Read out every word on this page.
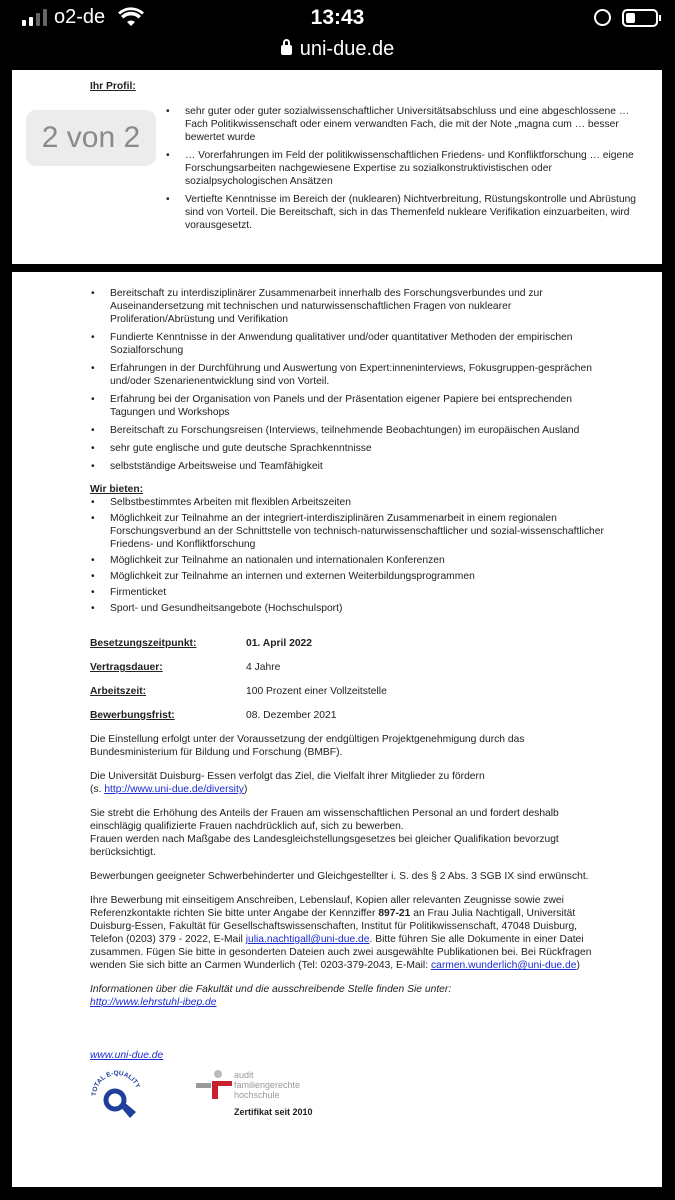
o2-de	13:43
uni-due.de
Ihr Profil:
• sehr guter oder guter sozialwissenschaftlicher Universitätsabschluss und eine abgeschlossene … Fach Politikwissenschaft oder einem verwandten Fach, die mit der Note „magna cum … besser bewertet wurde
• … Vorerfahrungen im Feld der politikwissenschaftlichen Friedens- und Konfliktforschung … eigene Forschungsarbeiten nachgewiesene Expertise zu sozialkonstruktivistischen oder sozialpsychologischen Ansätzen
• Vertiefte Kenntnisse im Bereich der (nuklearen) Nichtverbreitung, Rüstungskontrolle und Abrüstung sind von Vorteil. Die Bereitschaft, sich in das Themenfeld nukleare Verifikation einzuarbeiten, wird vorausgesetzt.
2 von 2
• Bereitschaft zu interdisziplinärer Zusammenarbeit innerhalb des Forschungsverbundes und zur Auseinandersetzung mit technischen und naturwissenschaftlichen Fragen von nuklearer Proliferation/Abrüstung und Verifikation
• Fundierte Kenntnisse in der Anwendung qualitativer und/oder quantitativer Methoden der empirischen Sozialforschung
• Erfahrungen in der Durchführung und Auswertung von Expert:inneninterviews, Fokusgruppen-gesprächen und/oder Szenarienentwicklung sind von Vorteil.
• Erfahrung bei der Organisation von Panels und der Präsentation eigener Papiere bei entsprechenden Tagungen und Workshops
• Bereitschaft zu Forschungsreisen (Interviews, teilnehmende Beobachtungen) im europäischen Ausland
• sehr gute englische und gute deutsche Sprachkenntnisse
• selbstständige Arbeitsweise und Teamfähigkeit
Wir bieten:
• Selbstbestimmtes Arbeiten mit flexiblen Arbeitszeiten
• Möglichkeit zur Teilnahme an der integriert-interdisziplinären Zusammenarbeit in einem regionalen Forschungsverbund an der Schnittstelle von technisch-naturwissenschaftlicher und sozial-wissenschaftlicher Friedens- und Konfliktforschung
• Möglichkeit zur Teilnahme an nationalen und internationalen Konferenzen
• Möglichkeit zur Teilnahme an internen und externen Weiterbildungsprogrammen
• Firmenticket
• Sport- und Gesundheitsangebote (Hochschulsport)
Besetzungszeitpunkt:	01. April 2022
Vertragsdauer:	4 Jahre
Arbeitszeit:	100 Prozent einer Vollzeitstelle
Bewerbungsfrist:	08. Dezember 2021

Die Einstellung erfolgt unter der Voraussetzung der endgültigen Projektgenehmigung durch das Bundesministerium für Bildung und Forschung (BMBF).

Die Universität Duisburg- Essen verfolgt das Ziel, die Vielfalt ihrer Mitglieder zu fördern
(s. http://www.uni-due.de/diversity)

Sie strebt die Erhöhung des Anteils der Frauen am wissenschaftlichen Personal an und fordert deshalb einschlägig qualifizierte Frauen nachdrücklich auf, sich zu bewerben.
Frauen werden nach Maßgabe des Landesgleichstellungsgesetzes bei gleicher Qualifikation bevorzugt berücksichtigt.

Bewerbungen geeigneter Schwerbehinderter und Gleichgestellter i. S. des § 2 Abs. 3 SGB IX sind erwünscht.

Ihre Bewerbung mit einseitigem Anschreiben, Lebenslauf, Kopien aller relevanten Zeugnisse sowie zwei Referenzkontakte richten Sie bitte unter Angabe der Kennziffer 897-21 an Frau Julia Nachtigall, Universität Duisburg-Essen, Fakultät für Gesellschaftswissenschaften, Institut für Politikwissenschaft, 47048 Duisburg, Telefon (0203) 379 - 2022, E-Mail julia.nachtigall@uni-due.de. Bitte führen Sie alle Dokumente in einer Datei zusammen. Fügen Sie bitte in gesonderten Dateien auch zwei ausgewählte Publikationen bei. Bei Rückfragen wenden Sie sich bitte an Carmen Wunderlich (Tel: 0203-379-2043, E-Mail: carmen.wunderlich@uni-due.de)

Informationen über die Fakultät und die ausschreibende Stelle finden Sie unter:
http://www.lehrstuhl-ibep.de

www.uni-due.de
TOTAL E-QUALITY
audit
familiengerechte
hochschule
Zertifikat seit 2010
